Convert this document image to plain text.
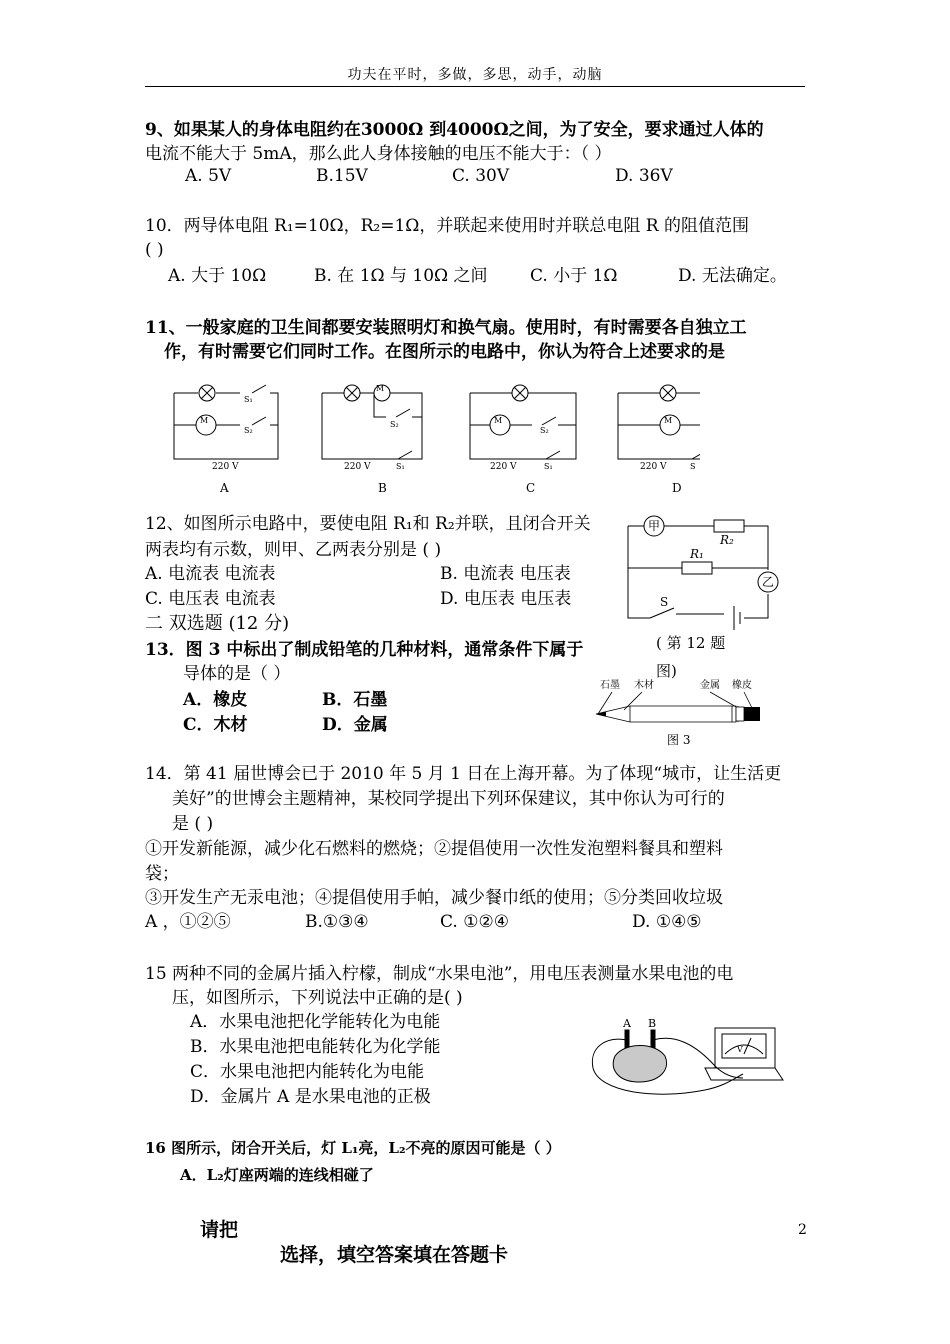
功夫在平时，多做，多思，动手，动脑
9、如果某人的身体电阻约在3000Ω 到4000Ω之间，为了安全，要求通过人体的
电流不能大于 5mA，那么此人身体接触的电压不能大于：（ ）
A. 5V	B.15V	C. 30V	D. 36V
10．两导体电阻 R₁=10Ω，R₂=1Ω，并联起来使用时并联总电阻 R 的阻值范围
( )
A. 大于 10Ω	B. 在 1Ω 与 10Ω 之间 C. 小于 1Ω	D. 无法确定。
11、一般家庭的卫生间都要安装照明灯和换气扇。使用时，有时需要各自独立工
作，有时需要它们同时工作。在图所示的电路中，你认为符合上述要求的是
M
M
M	M
S₁
S₂
S₂
S₁
S₂
S₁	S
220 V	220 V	220 V	220 V
A	B	C	D
12、如图所示电路中，要使电阻 R₁和 R₂并联，且闭合开关
两表均有示数，则甲、乙两表分别是 ( )
A. 电流表 电流表	B. 电流表 电压表
C. 电压表 电流表	D. 电压表 电压表
甲
乙
R₂
R₁
S
( 第 12 题
图)
二 双选题 (12 分)
13．图 3 中标出了制成铅笔的几种材料，通常条件下属于
导体的是（ ）
A．橡皮	B．石墨
C．木材	D．金属
石墨 木材	金属 橡皮
图 3
14．第 41 届世博会已于 2010 年 5 月 1 日在上海开幕。为了体现“城市，让生活更
美好”的世博会主题精神，某校同学提出下列环保建议，其中你认为可行的
是 ( )
①开发新能源，减少化石燃料的燃烧；②提倡使用一次性发泡塑料餐具和塑料
袋；
③开发生产无汞电池；④提倡使用手帕，减少餐巾纸的使用；⑤分类回收垃圾
A ，①②⑤	B.①③④	C. ①②④	D. ①④⑤
15 两种不同的金属片插入柠檬，制成“水果电池”，用电压表测量水果电池的电
压，如图所示，下列说法中正确的是( )
A．水果电池把化学能转化为电能
B．水果电池把电能转化为化学能
C．水果电池把内能转化为电能
D．金属片 A 是水果电池的正极
A B
V
16 图所示，闭合开关后，灯 L₁亮，L₂不亮的原因可能是（ ）
A．L₂灯座两端的连线相碰了
请把
选择，填空答案填在答题卡
2
